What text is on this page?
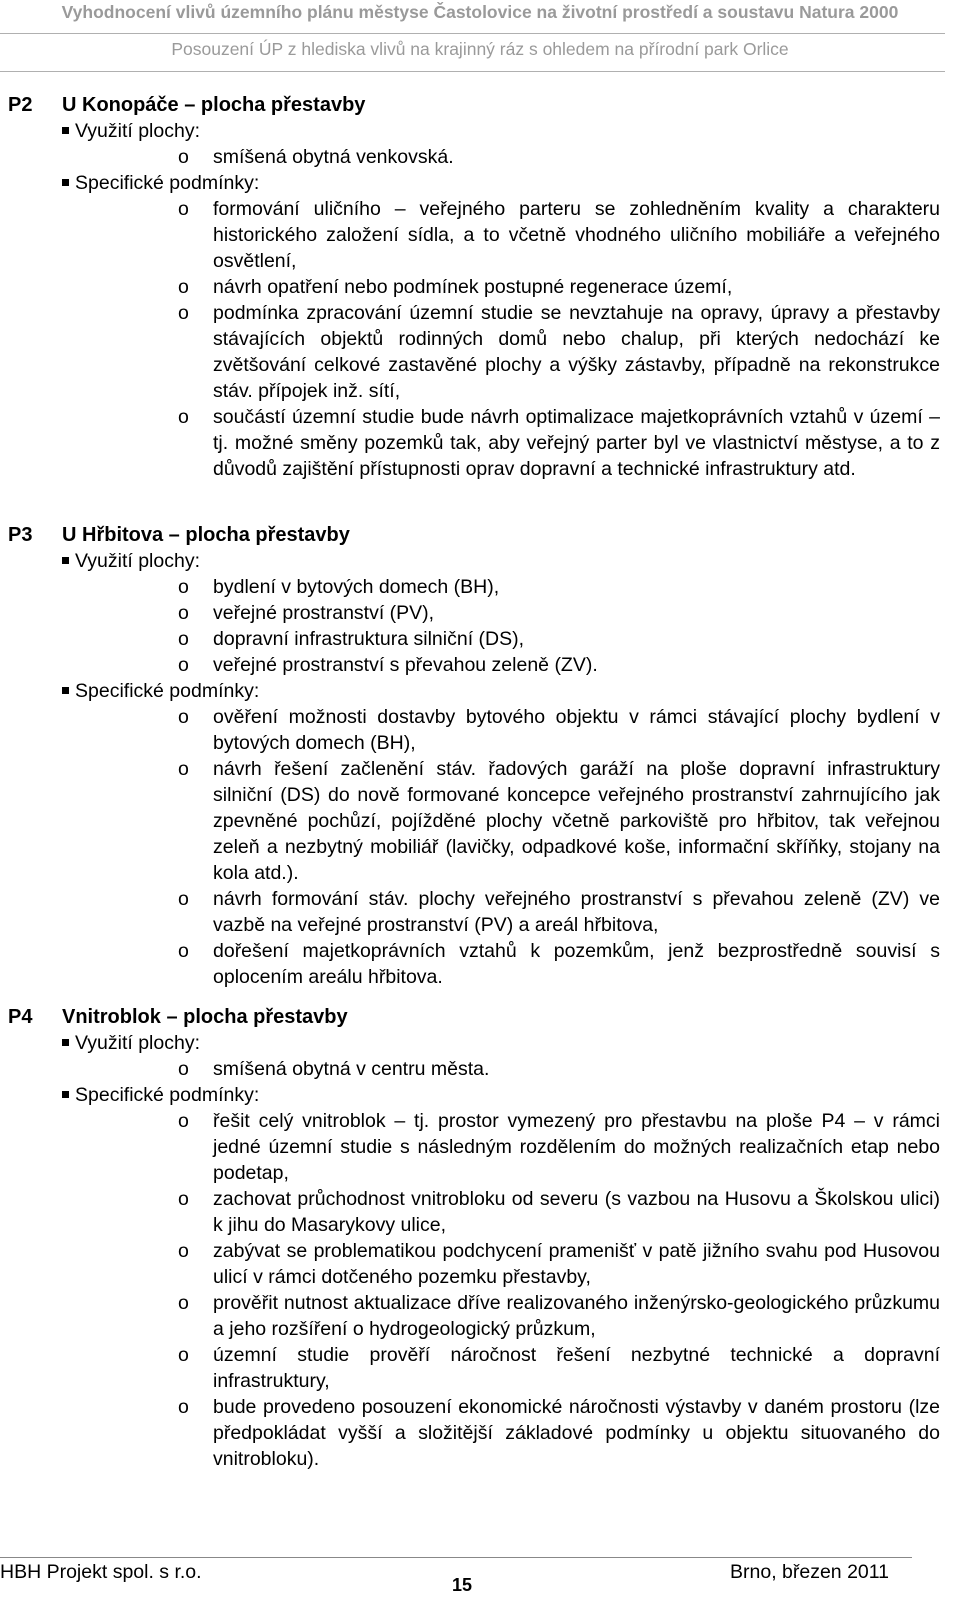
Vyhodnocení vlivů územního plánu městyse Častolovice na životní prostředí a soustavu Natura 2000
Posouzení ÚP z hlediska vlivů na krajinný ráz s ohledem na přírodní park Orlice
P2 U Konopáče – plocha přestavby
Využití plochy:
o smíšená obytná venkovská.
Specifické podmínky:
o formování uličního – veřejného parteru se zohledněním kvality a charakteru historického založení sídla, a to včetně vhodného uličního mobiliáře a veřejného osvětlení,
o návrh opatření nebo podmínek postupné regenerace území,
o podmínka zpracování územní studie se nevztahuje na opravy, úpravy a přestavby stávajících objektů rodinných domů nebo chalup, při kterých nedochází ke zvětšování celkové zastavěné plochy a výšky zástavby, případně na rekonstrukce stáv. přípojek inž. sítí,
o součástí územní studie bude návrh optimalizace majetkoprávních vztahů v území – tj. možné směny pozemků tak, aby veřejný parter byl ve vlastnictví městyse, a to z důvodů zajištění přístupnosti oprav dopravní a technické infrastruktury atd.
P3 U Hřbitova – plocha přestavby
Využití plochy:
o bydlení v bytových domech (BH),
o veřejné prostranství (PV),
o dopravní infrastruktura silniční (DS),
o veřejné prostranství s převahou zeleně (ZV).
Specifické podmínky:
o ověření možnosti dostavby bytového objektu v rámci stávající plochy bydlení v bytových domech (BH),
o návrh řešení začlenění stáv. řadových garáží na ploše dopravní infrastruktury silniční (DS) do nově formované koncepce veřejného prostranství zahrnujícího jak zpevněné pochůzí, pojížděné plochy včetně parkoviště pro hřbitov, tak veřejnou zeleň a nezbytný mobiliář (lavičky, odpadkové koše, informační skříňky, stojany na kola atd.).
o návrh formování stáv. plochy veřejného prostranství s převahou zeleně (ZV) ve vazbě na veřejné prostranství (PV) a areál hřbitova,
o dořešení majetkoprávních vztahů k pozemkům, jenž bezprostředně souvisí s oplocením areálu hřbitova.
P4 Vnitroblok – plocha přestavby
Využití plochy:
o smíšená obytná v centru města.
Specifické podmínky:
o řešit celý vnitroblok – tj. prostor vymezený pro přestavbu na ploše P4 – v rámci jedné územní studie s následným rozdělením do možných realizačních etap nebo podetap,
o zachovat průchodnost vnitrobloku od severu (s vazbou na Husovu a Školskou ulici) k jihu do Masarykovy ulice,
o zabývat se problematikou podchycení pramenišť v patě jižního svahu pod Husovou ulicí v rámci dotčeného pozemku přestavby,
o prověřit nutnost aktualizace dříve realizovaného inženýrsko-geologického průzkumu a jeho rozšíření o hydrogeologický průzkum,
o územní studie prověří náročnost řešení nezbytné technické a dopravní infrastruktury,
o bude provedeno posouzení ekonomické náročnosti výstavby v daném prostoru (lze předpokládat vyšší a složitější základové podmínky u objektu situovaného do vnitrobloku).
HBH Projekt spol. s r.o.
15
Brno, březen 2011
